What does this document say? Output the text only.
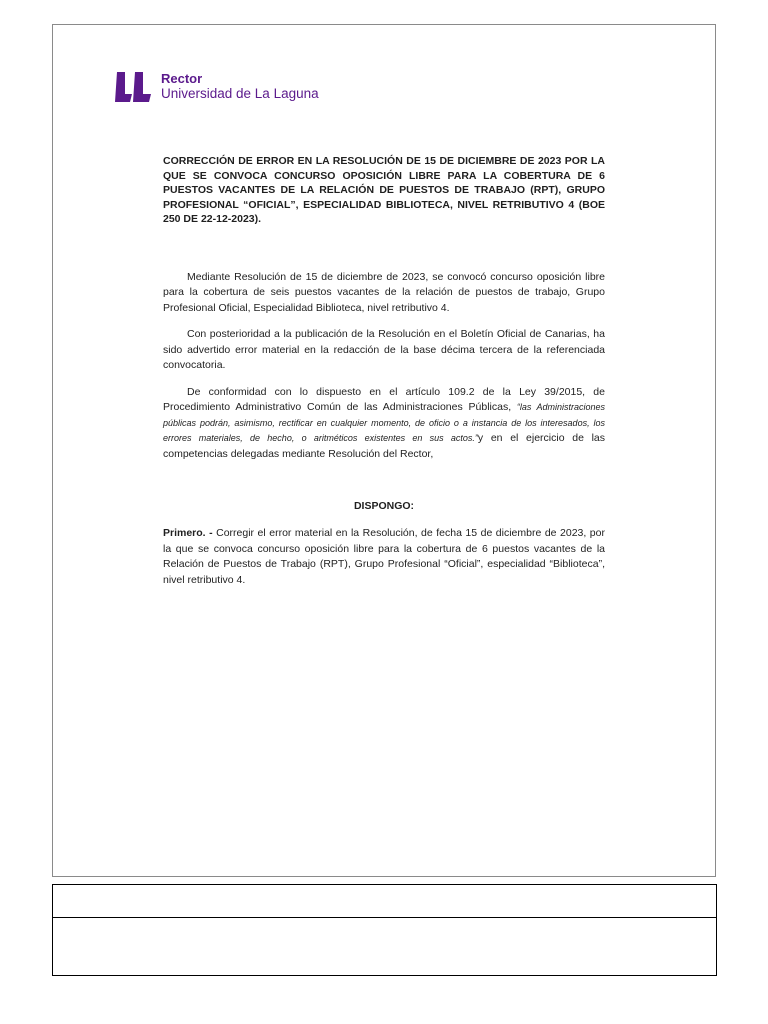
Rector
Universidad de La Laguna

CORRECCIÓN DE ERROR EN LA RESOLUCIÓN DE 15 DE DICIEMBRE DE 2023 POR LA QUE SE CONVOCA CONCURSO OPOSICIÓN LIBRE PARA LA COBERTURA DE 6 PUESTOS VACANTES DE LA RELACIÓN DE PUESTOS DE TRABAJO (RPT), GRUPO PROFESIONAL “OFICIAL”, ESPECIALIDAD BIBLIOTECA, NIVEL RETRIBUTIVO 4 (BOE 250 DE 22-12-2023).

Mediante Resolución de 15 de diciembre de 2023, se convocó concurso oposición libre para la cobertura de seis puestos vacantes de la relación de puestos de trabajo, Grupo Profesional Oficial, Especialidad Biblioteca, nivel retributivo 4.

Con posterioridad a la publicación de la Resolución en el Boletín Oficial de Canarias, ha sido advertido error material en la redacción de la base décima tercera de la referenciada convocatoria.

De conformidad con lo dispuesto en el artículo 109.2 de la Ley 39/2015, de Procedimiento Administrativo Común de las Administraciones Públicas, “las Administraciones públicas podrán, asimismo, rectificar en cualquier momento, de oficio o a instancia de los interesados, los errores materiales, de hecho, o aritméticos existentes en sus actos.”y en el ejercicio de las competencias delegadas mediante Resolución del Rector,

DISPONGO:

Primero. - Corregir el error material en la Resolución, de fecha 15 de diciembre de 2023, por la que se convoca concurso oposición libre para la cobertura de 6 puestos vacantes de la Relación de Puestos de Trabajo (RPT), Grupo Profesional “Oficial”, especialidad “Biblioteca”, nivel retributivo 4.
